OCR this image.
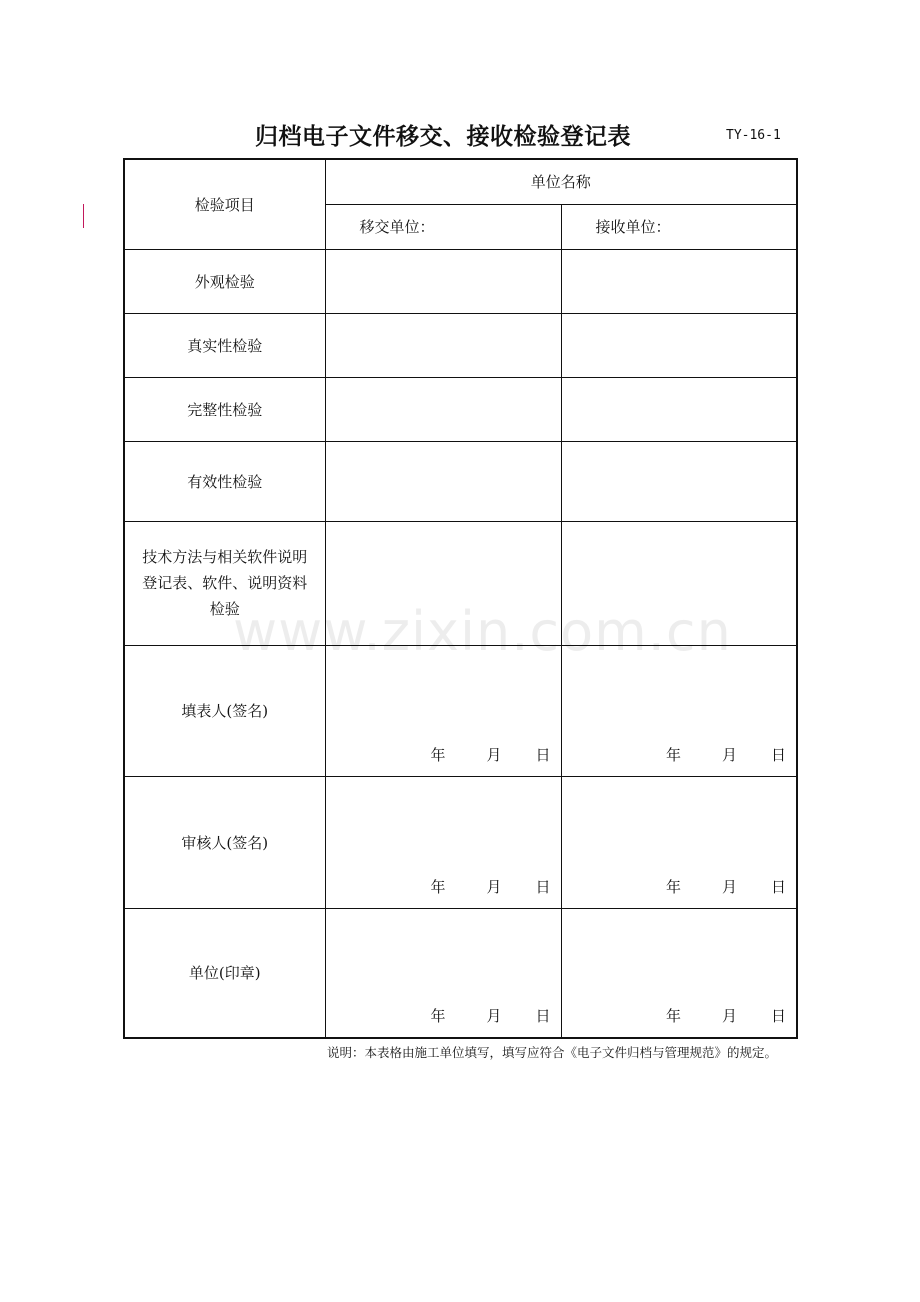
归档电子文件移交、接收检验登记表	TY-16-1
检验项目	单位名称	
	移交单位：	接收单位：
外观检验		
真实性检验		
完整性检验		
有效性检验		

技术方法与相关软件说明
登记表、软件、说明资料
检验		

填表人(签名)	年 月 日	年 月 日

审核人(签名)	年 月 日	年 月 日

单位(印章)	年 月 日	年 月 日
说明：本表格由施工单位填写，填写应符合《电子文件归档与管理规范》的规定。
www.zixin.com.cn
